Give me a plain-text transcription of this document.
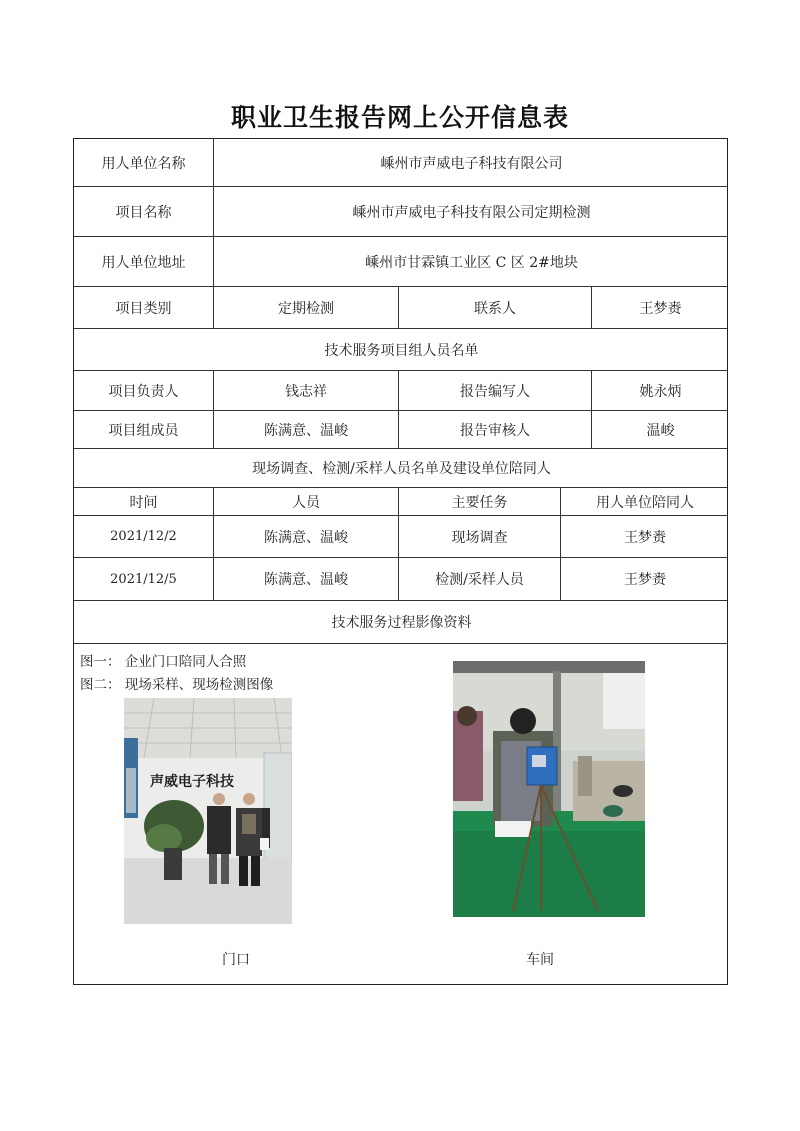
职业卫生报告网上公开信息表
用人单位名称	嵊州市声威电子科技有限公司
项目名称	嵊州市声威电子科技有限公司定期检测
用人单位地址	嵊州市甘霖镇工业区 C 区 2#地块
项目类别	定期检测	联系人	王梦赉
技术服务项目组人员名单
项目负责人	钱志祥	报告编写人	姚永炳
项目组成员	陈满意、温峻	报告审核人	温峻
现场调查、检测/采样人员名单及建设单位陪同人
时间	人员	主要任务	用人单位陪同人
2021/12/2	陈满意、温峻	现场调查	王梦赉
2021/12/5	陈满意、温峻	检测/采样人员	王梦赉
技术服务过程影像资料
图一： 企业门口陪同人合照
图二： 现场采样、现场检测图像
声威电子科技
门口	车间
